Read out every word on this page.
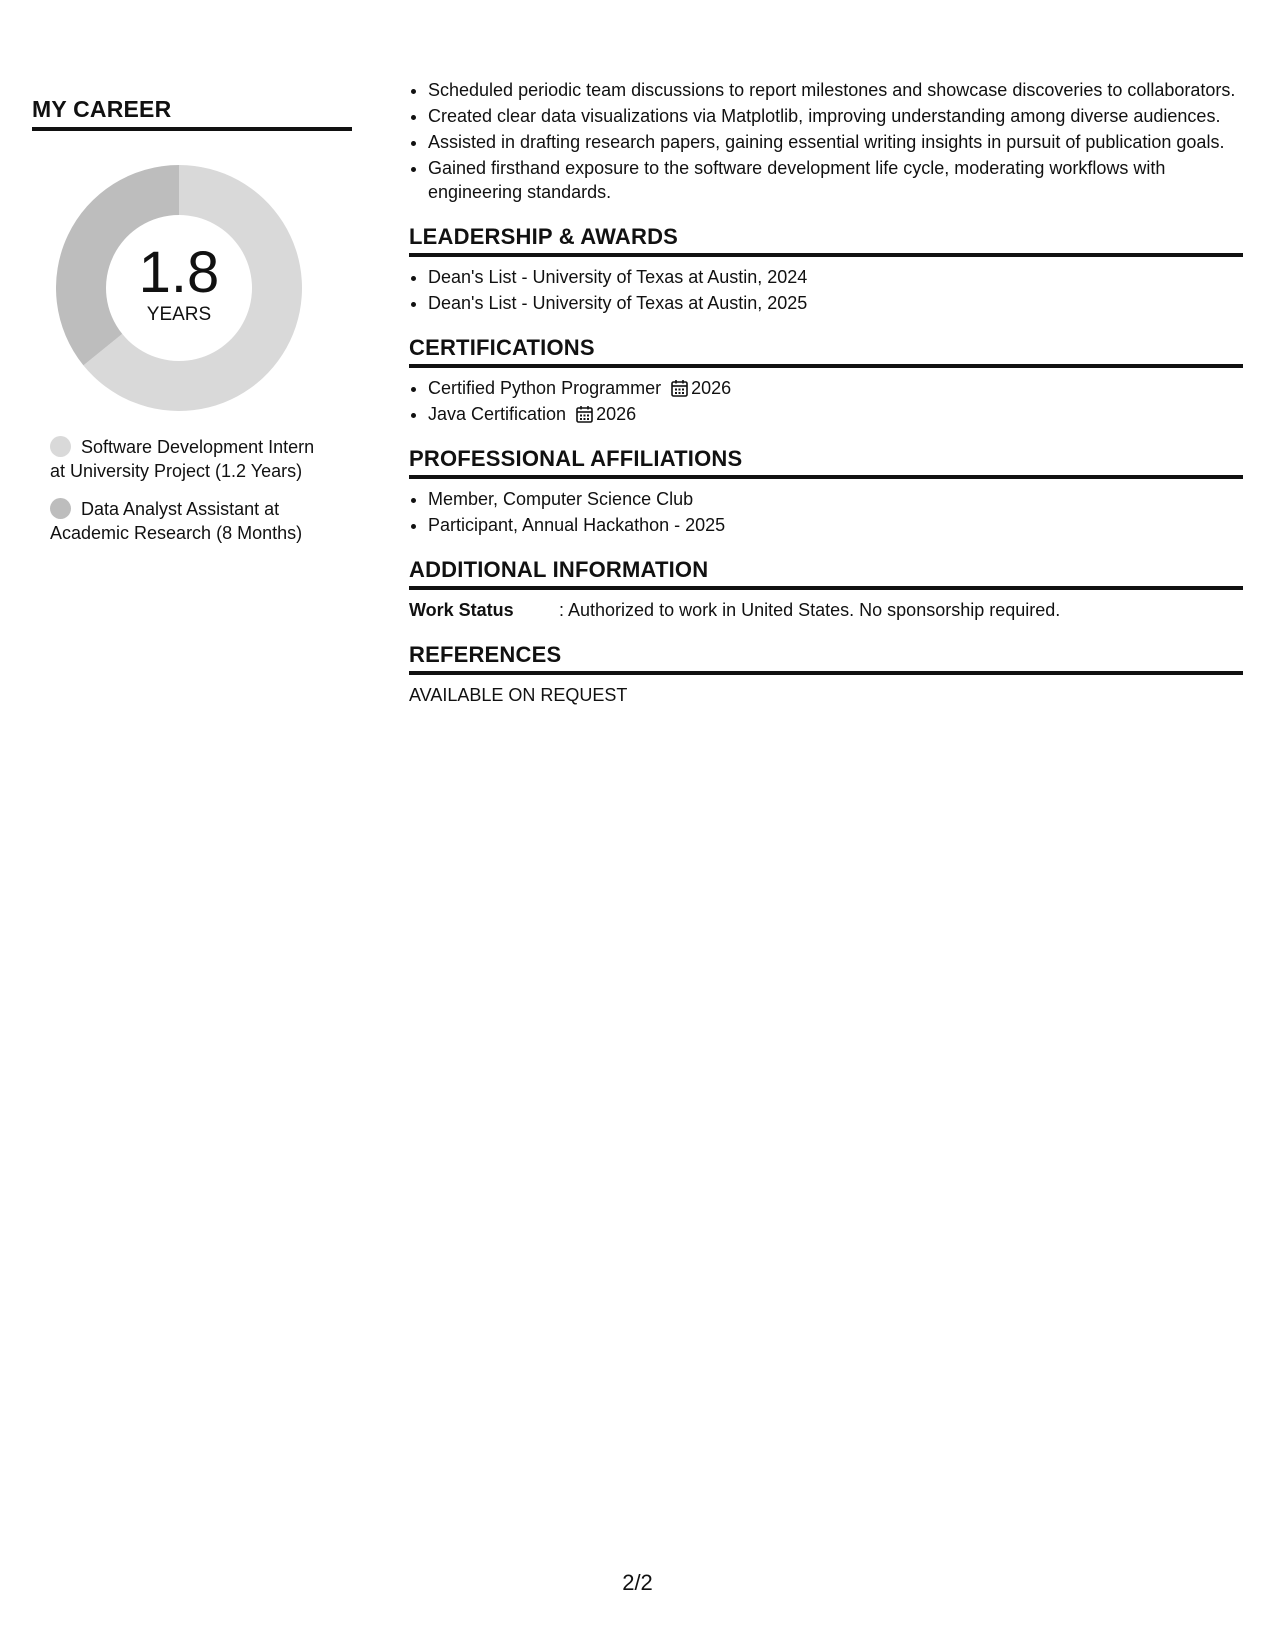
MY CAREER
1.8
YEARS
Software Development Intern at University Project (1.2 Years)
Data Analyst Assistant at Academic Research (8 Months)
• Scheduled periodic team discussions to report milestones and showcase discoveries to collaborators.
• Created clear data visualizations via Matplotlib, improving understanding among diverse audiences.
• Assisted in drafting research papers, gaining essential writing insights in pursuit of publication goals.
• Gained firsthand exposure to the software development life cycle, moderating workflows with engineering standards.
LEADERSHIP & AWARDS
• Dean's List - University of Texas at Austin, 2024
• Dean's List - University of Texas at Austin, 2025
CERTIFICATIONS
• Certified Python Programmer 2026
• Java Certification 2026
PROFESSIONAL AFFILIATIONS
• Member, Computer Science Club
• Participant, Annual Hackathon - 2025
ADDITIONAL INFORMATION
Work Status	: Authorized to work in United States. No sponsorship required.
REFERENCES
AVAILABLE ON REQUEST
2/2
